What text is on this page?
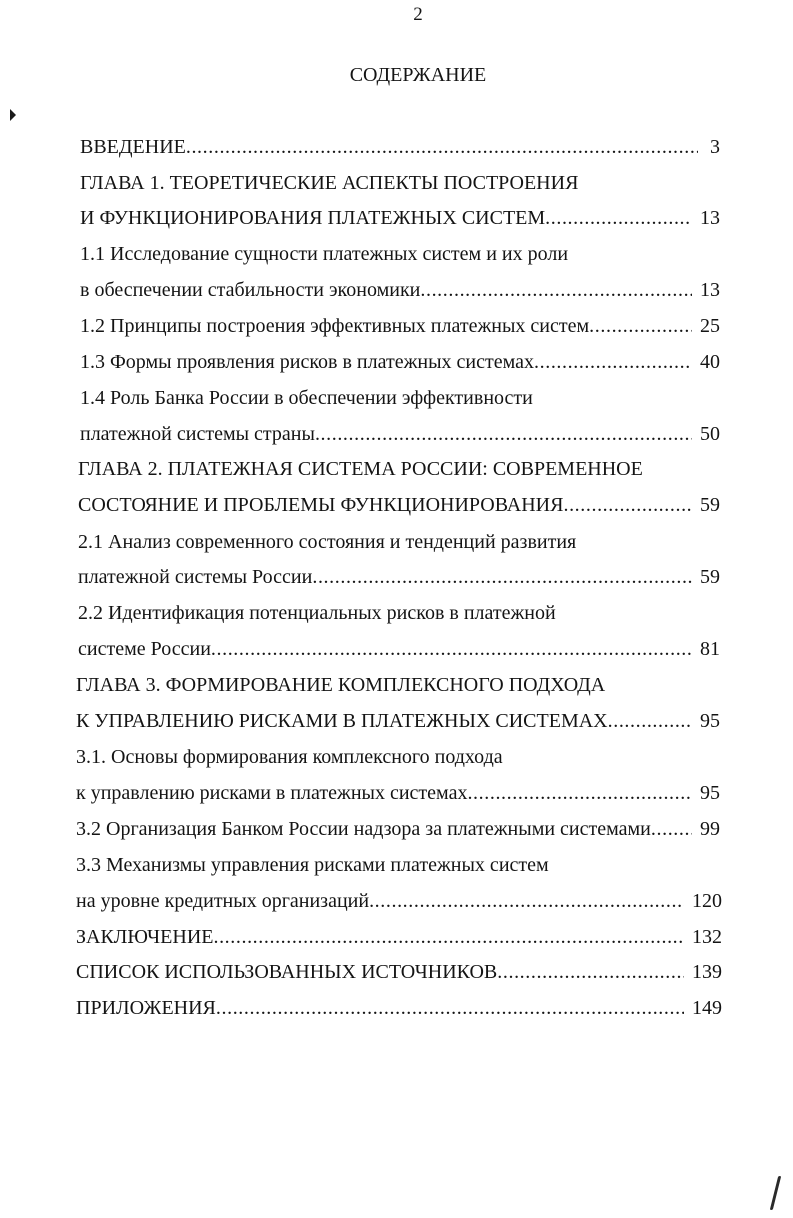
2
СОДЕРЖАНИЕ
ВВЕДЕНИЕ .....	3
ГЛАВА 1. ТЕОРЕТИЧЕСКИЕ АСПЕКТЫ ПОСТРОЕНИЯ
И ФУНКЦИОНИРОВАНИЯ ПЛАТЕЖНЫХ СИСТЕМ .....	13
1.1 Исследование сущности платежных систем и их роли
в обеспечении стабильности экономики .....	13
1.2 Принципы построения эффективных платежных систем .....	25
1.3 Формы проявления рисков в платежных системах .....	40
1.4 Роль Банка России в обеспечении эффективности
платежной системы страны .....	50
ГЛАВА 2. ПЛАТЕЖНАЯ СИСТЕМА РОССИИ: СОВРЕМЕННОЕ
СОСТОЯНИЕ И ПРОБЛЕМЫ ФУНКЦИОНИРОВАНИЯ .....	59
2.1 Анализ современного состояния и тенденций развития
платежной системы России .....	59
2.2 Идентификация потенциальных рисков в платежной
системе России .....	81
ГЛАВА 3. ФОРМИРОВАНИЕ КОМПЛЕКСНОГО ПОДХОДА
К УПРАВЛЕНИЮ РИСКАМИ В ПЛАТЕЖНЫХ СИСТЕМАХ .....	95
3.1. Основы формирования комплексного подхода
к управлению рисками в платежных системах .....	95
3.2 Организация Банком России надзора за платежными системами ..... 99
3.3 Механизмы управления рисками платежных систем
на уровне кредитных организаций .....	120
ЗАКЛЮЧЕНИЕ .....	132
СПИСОК ИСПОЛЬЗОВАННЫХ ИСТОЧНИКОВ .....	139
ПРИЛОЖЕНИЯ .....	149
